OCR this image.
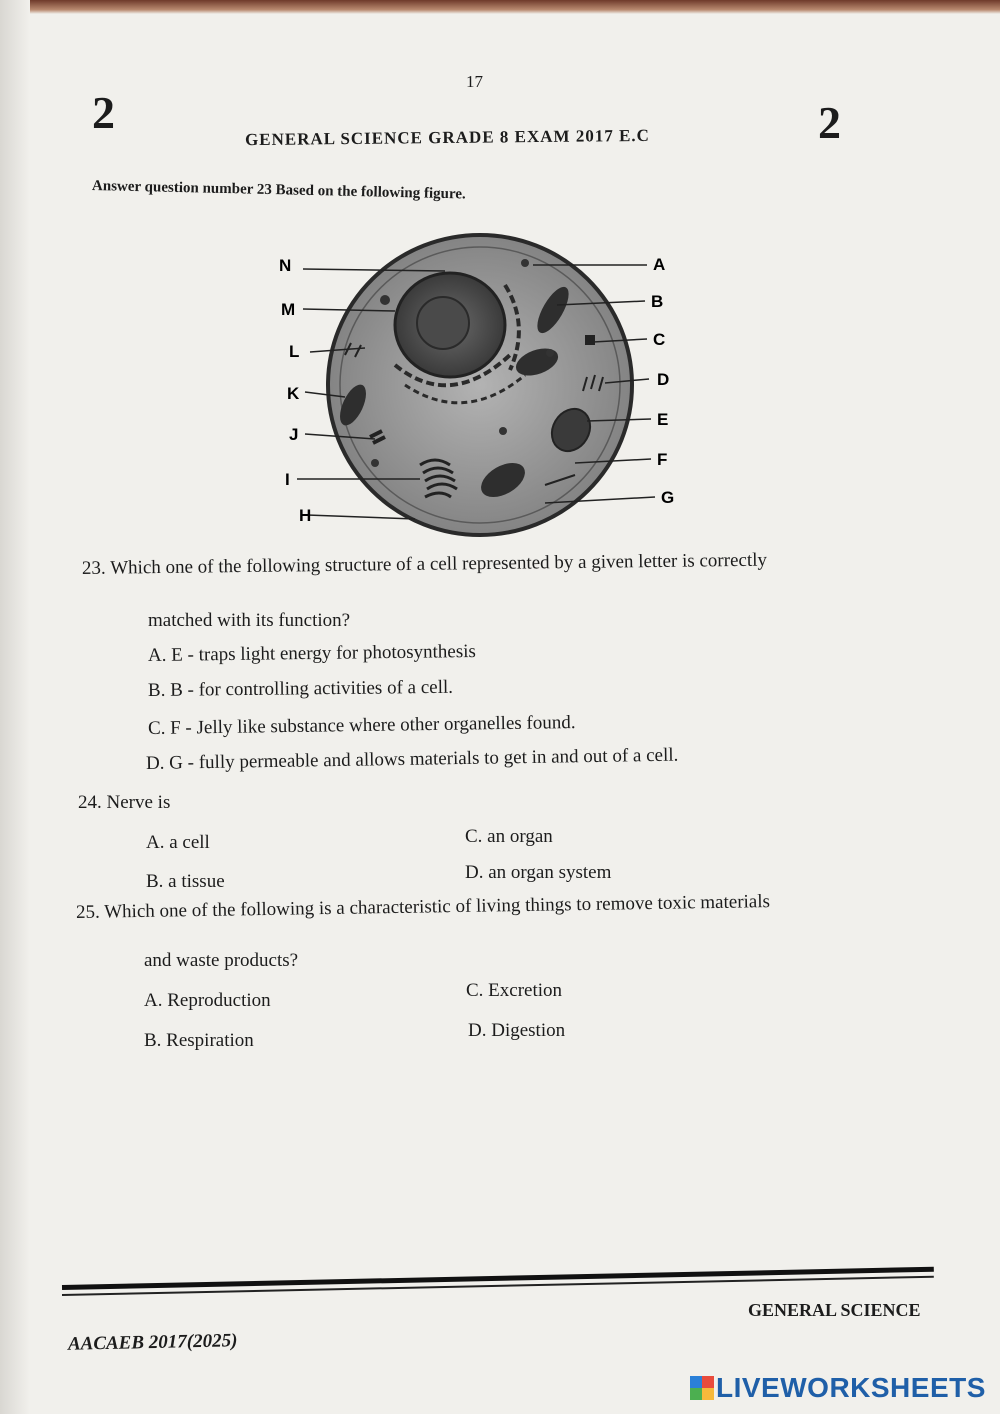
17
2	2
GENERAL SCIENCE GRADE 8 EXAM 2017 E.C
Answer question number 23 Based on the following figure.
N
M
L
K
J
I
H
A
B
C
D
E
F
G
23. Which one of the following structure of a cell represented by a given letter is correctly
matched with its function?
A. E - traps light energy for photosynthesis
B. B - for controlling activities of a cell.
C. F - Jelly like substance where other organelles found.
D. G - fully permeable and allows materials to get in and out of a cell.
24. Nerve is
A. a cell	C. an organ
B. a tissue	D. an organ system
25. Which one of the following is a characteristic of living things to remove toxic materials
and waste products?
A. Reproduction	C. Excretion
B. Respiration	D. Digestion
GENERAL SCIENCE
AACAEB 2017(2025)
LIVEWORKSHEETS
